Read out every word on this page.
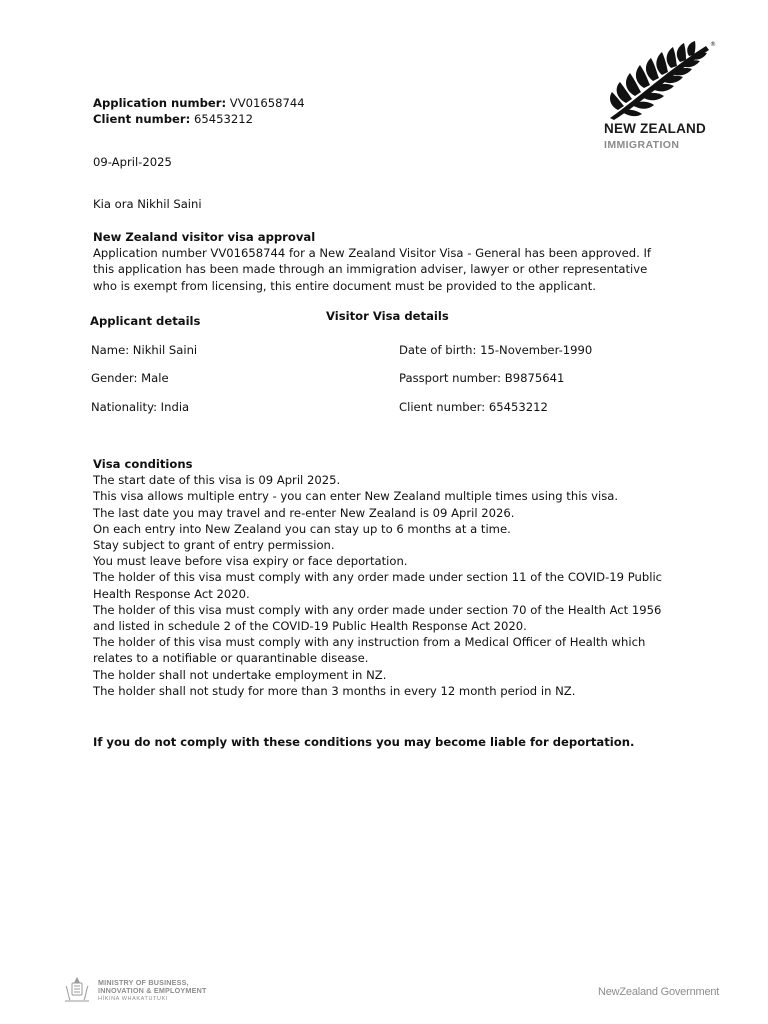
®
NEW ZEALAND
IMMIGRATION
Application number: VV01658744
Client number: 65453212
09-April-2025
Kia ora Nikhil Saini
New Zealand visitor visa approval
Application number VV01658744 for a New Zealand Visitor Visa - General has been approved. If
this application has been made through an immigration adviser, lawyer or other representative
who is exempt from licensing, this entire document must be provided to the applicant.
Applicant details	Visitor Visa details
Name: Nikhil Saini
Gender: Male
Nationality: India
Date of birth: 15-November-1990
Passport number: B9875641
Client number: 65453212
Visa conditions
The start date of this visa is 09 April 2025.
This visa allows multiple entry - you can enter New Zealand multiple times using this visa.
The last date you may travel and re-enter New Zealand is 09 April 2026.
On each entry into New Zealand you can stay up to 6 months at a time.
Stay subject to grant of entry permission.
You must leave before visa expiry or face deportation.
The holder of this visa must comply with any order made under section 11 of the COVID-19 Public
Health Response Act 2020.
The holder of this visa must comply with any order made under section 70 of the Health Act 1956
and listed in schedule 2 of the COVID-19 Public Health Response Act 2020.
The holder of this visa must comply with any instruction from a Medical Officer of Health which
relates to a notifiable or quarantinable disease.
The holder shall not undertake employment in NZ.
The holder shall not study for more than 3 months in every 12 month period in NZ.
If you do not comply with these conditions you may become liable for deportation.
MINISTRY OF BUSINESS,
INNOVATION & EMPLOYMENT
HĪKINA WHAKATUTUKI
NewZealand Government
